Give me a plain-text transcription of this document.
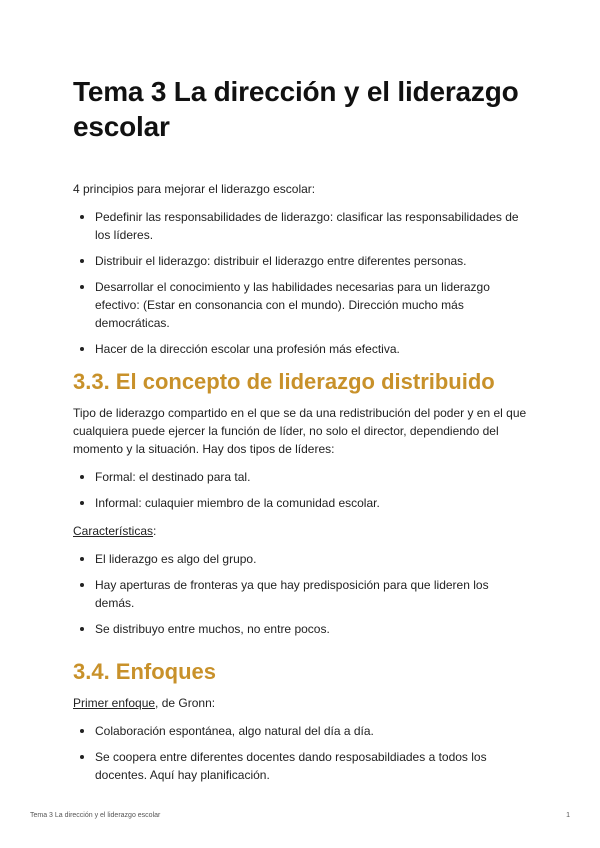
Tema 3 La dirección y el liderazgo escolar

4 principios para mejorar el liderazgo escolar:

Pedefinir las responsabilidades de liderazgo: clasificar las responsabilidades de los líderes.
Distribuir el liderazgo: distribuir el liderazgo entre diferentes personas.
Desarrollar el conocimiento y las habilidades necesarias para un liderazgo efectivo: (Estar en consonancia con el mundo). Dirección mucho más democráticas.
Hacer de la dirección escolar una profesión más efectiva.
3.3. El concepto de liderazgo distribuido

Tipo de liderazgo compartido en el que se da una redistribución del poder y en el que cualquiera puede ejercer la función de líder, no solo el director, dependiendo del momento y la situación. Hay dos tipos de líderes:

Formal: el destinado para tal.
Informal: culaquier miembro de la comunidad escolar.

Características:

El liderazgo es algo del grupo.
Hay aperturas de fronteras ya que hay predisposición para que lideren los demás.
Se distribuyo entre muchos, no entre pocos.
3.4. Enfoques

Primer enfoque, de Gronn:

Colaboración espontánea, algo natural del día a día.
Se coopera entre diferentes docentes dando resposabildiades a todos los docentes. Aquí hay planificación.
Tema 3 La dirección y el liderazgo escolar	1
